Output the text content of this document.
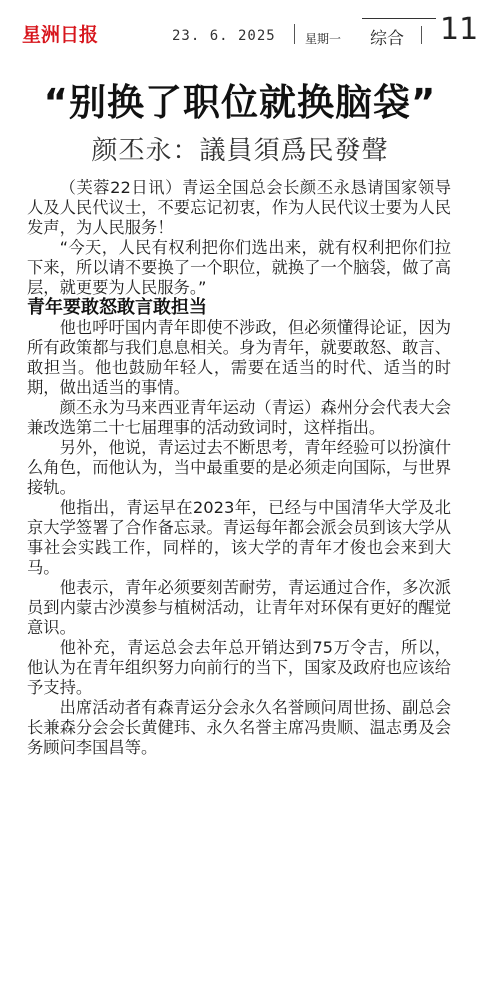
星洲日报	23. 6. 2025 星期一 综合 11
“别换了职位就换脑袋”
颜丕永：議員須爲民發聲

（芙蓉22日讯）青运全国总会长颜丕永恳请国家领导人及人民代议士，不要忘记初衷，作为人民代议士要为人民发声，为人民服务！

“今天，人民有权利把你们选出来，就有权利把你们拉下来，所以请不要换了一个职位，就换了一个脑袋，做了高层，就更要为人民服务。”

青年要敢怒敢言敢担当

他也呼吁国内青年即使不涉政，但必须懂得论证，因为所有政策都与我们息息相关。身为青年，就要敢怒、敢言、敢担当。他也鼓励年轻人，需要在适当的时代、适当的时期，做出适当的事情。

颜丕永为马来西亚青年运动（青运）森州分会代表大会兼改选第二十七届理事的活动致词时，这样指出。

另外，他说，青运过去不断思考，青年经验可以扮演什么角色，而他认为，当中最重要的是必须走向国际，与世界接轨。

他指出，青运早在2023年，已经与中国清华大学及北京大学签署了合作备忘录。青运每年都会派会员到该大学从事社会实践工作，同样的，该大学的青年才俊也会来到大马。

他表示，青年必须要刻苦耐劳，青运通过合作，多次派员到内蒙古沙漠参与植树活动，让青年对环保有更好的醒觉意识。

他补充，青运总会去年总开销达到75万令吉，所以，他认为在青年组织努力向前行的当下，国家及政府也应该给予支持。

出席活动者有森青运分会永久名誉顾问周世扬、副总会长兼森分会会长黄健玮、永久名誉主席冯贵顺、温志勇及会务顾问李国昌等。
